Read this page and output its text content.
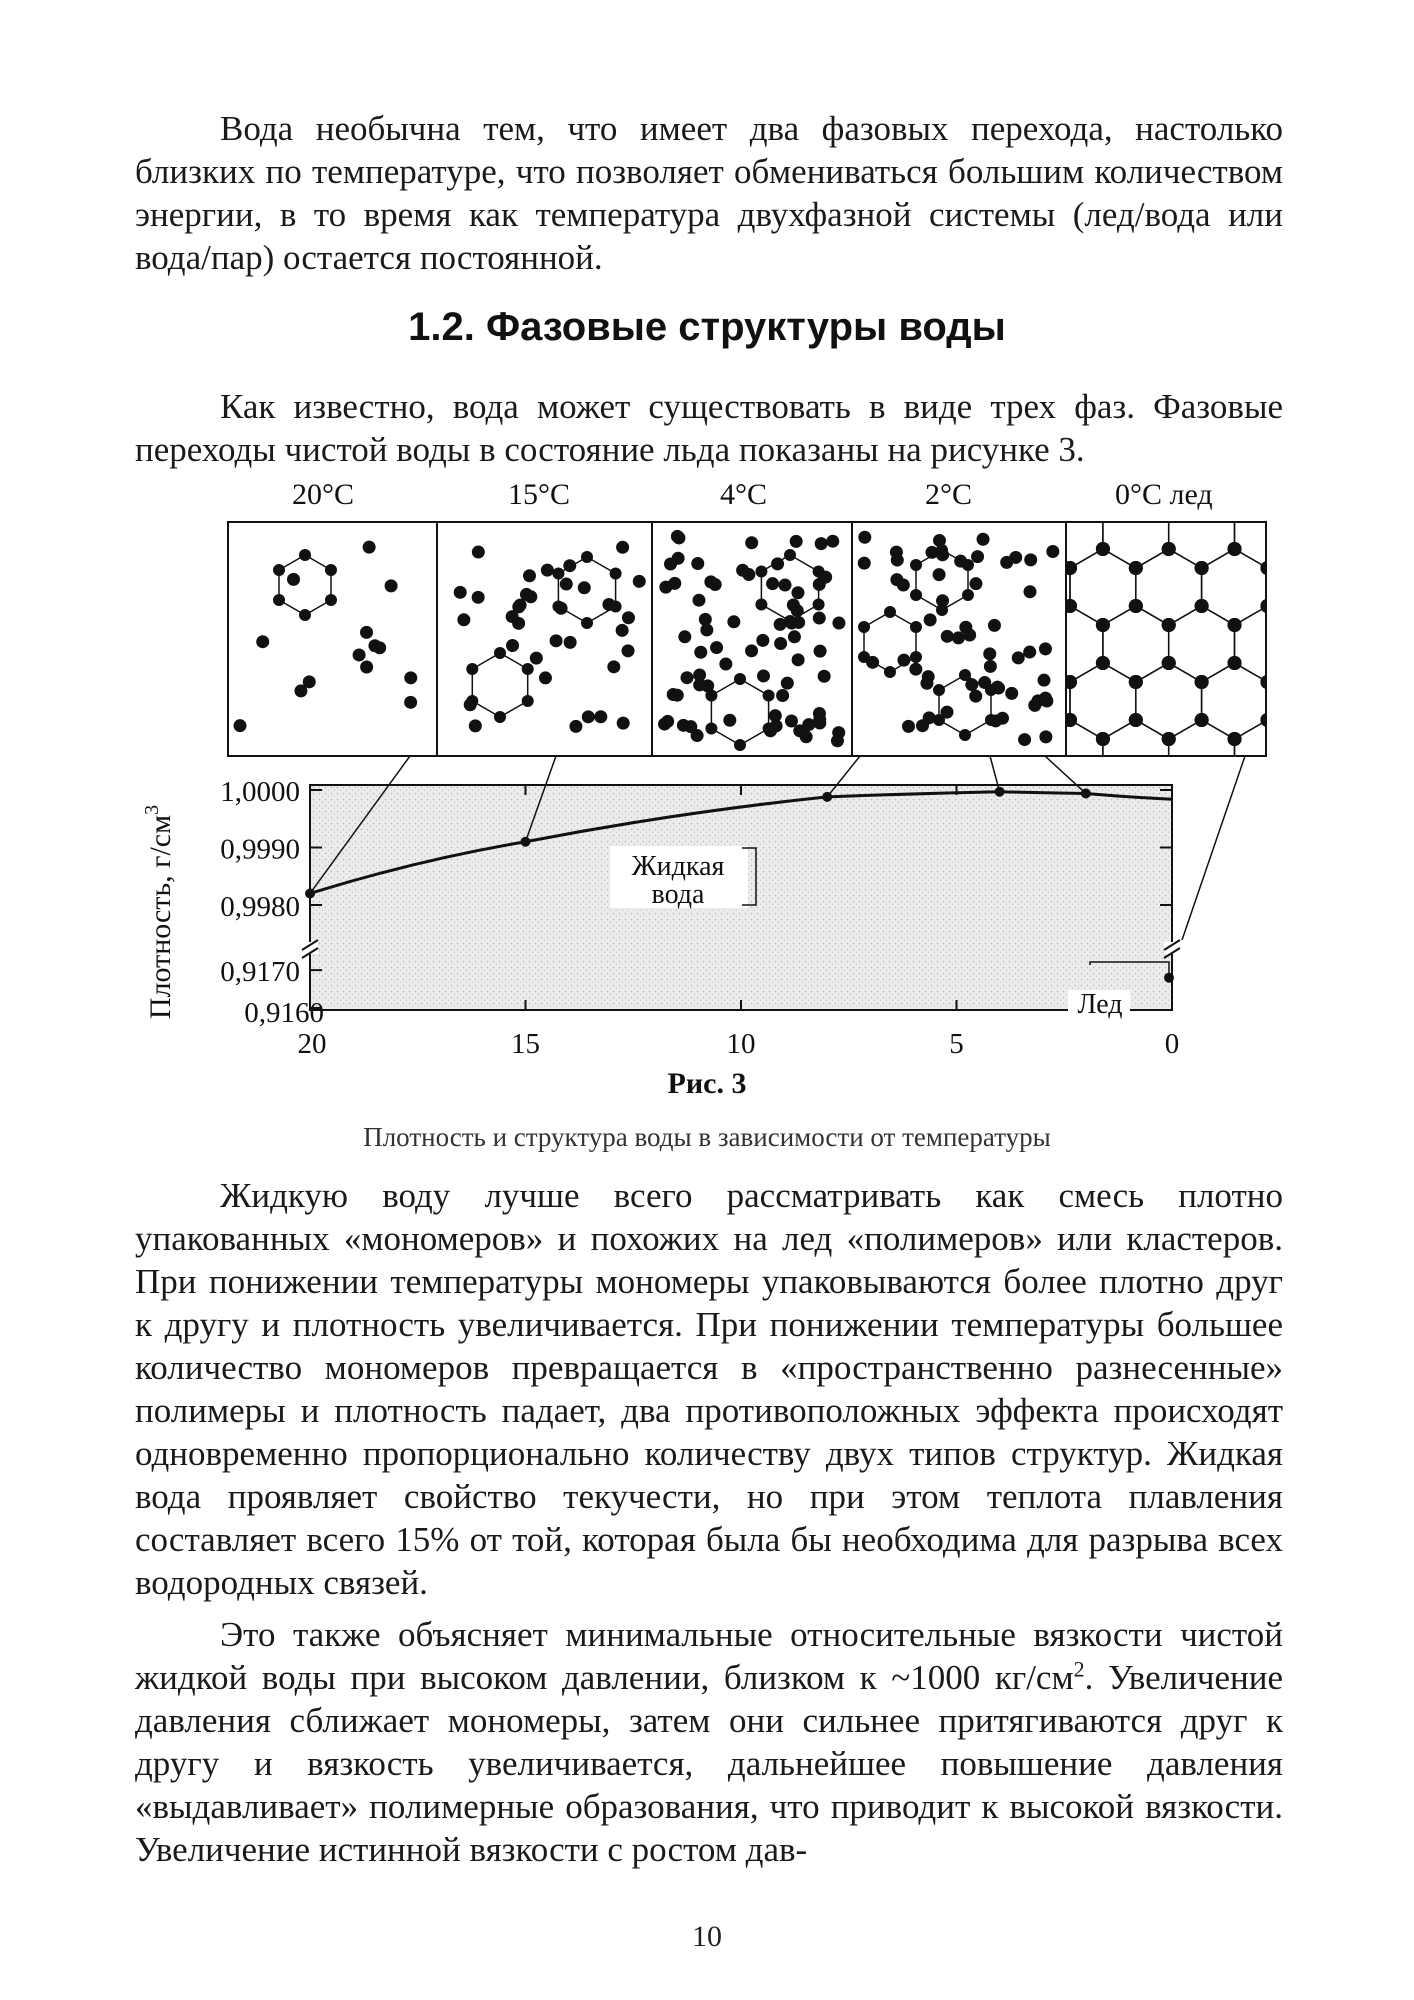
Вода необычна тем, что имеет два фазовых перехода, настолько близких по температуре, что позволяет обмениваться большим количеством энергии, в то время как температура двухфазной системы (лед/вода или вода/пар) остается постоянной.

1.2. Фазовые структуры воды

Как известно, вода может существовать в виде трех фаз. Фазовые переходы чистой воды в состояние льда показаны на рисунке 3.

20°C	15°C	4°C	2°C	0°C лед
20	15	10	5	0
1,0000
0,9990
0,9980
0,9170
0,9160
Плотность, $г/см^3$
Лед
Жидкая
вода
Рис. 3
Плотность и структура воды в зависимости от температуры

Жидкую воду лучше всего рассматривать как смесь плотно упакованных «мономеров» и похожих на лед «полимеров» или кластеров. При понижении температуры мономеры упаковываются более плотно друг к другу и плотность увеличивается. При понижении температуры большее количество мономеров превращается в «пространственно разнесенные» полимеры и плотность падает, два противоположных эффекта происходят одновременно пропорционально количеству двух типов структур. Жидкая вода проявляет свойство текучести, но при этом теплота плавления составляет всего 15% от той, которая была бы необходима для разрыва всех водородных связей.

Это также объясняет минимальные относительные вязкости чистой жидкой воды при высоком давлении, близком к ~1000 $кг/см^2$. Увеличение давления сближает мономеры, затем они сильнее притягиваются друг к другу и вязкость увеличивается, дальнейшее повышение давления «выдавливает» полимерные образования, что приводит к высокой вязкости. Увеличение истинной вязкости с ростом дав-

10
